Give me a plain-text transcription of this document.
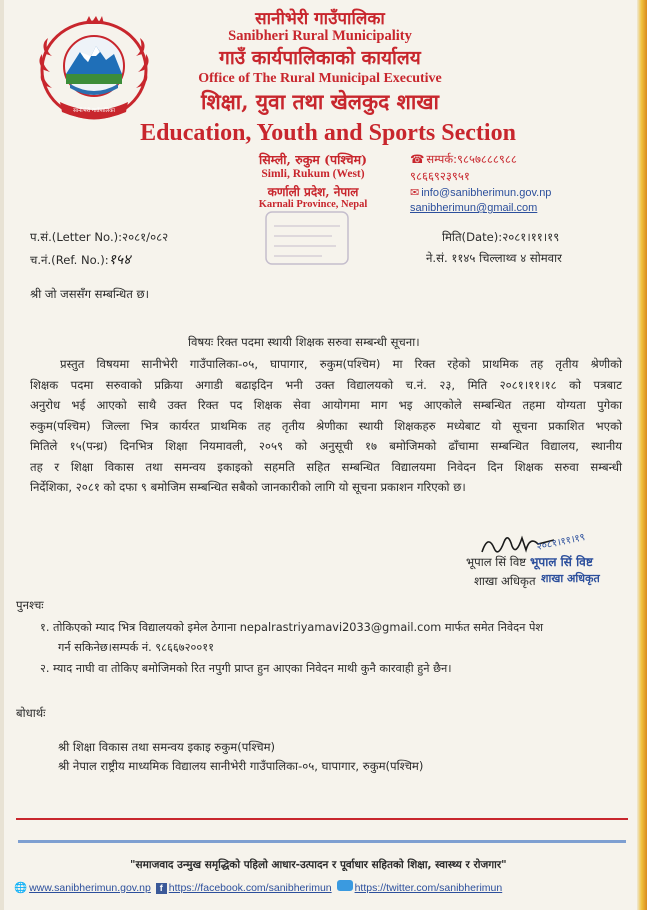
सानीभेरी गाउँपालिका
सानीभेरी गाउँपालिका
Sanibheri Rural Municipality
गाउँ कार्यपालिकाको कार्यालय
Office of The Rural Municipal Executive
शिक्षा, युवा तथा खेलकुद शाखा
Education, Youth and Sports Section
सिम्ली, रुकुम (पश्चिम)
Simli, Rukum (West)
कर्णाली प्रदेश, नेपाल
Karnali Province, Nepal
☎ सम्पर्क:९८५७८८८९८८
९८६६९२३९५१
✉ info@sanibherimun.gov.np
sanibherimun@gmail.com
प.सं.(Letter No.):२०८१/०८२
च.नं.(Ref. No.):१५४
मिति(Date):२०८१।११।१९
ने.सं. ११४५ चिल्लाथ्व ४ सोमवार
श्री जो जससँग सम्बन्धित छ।
विषयः रिक्त पदमा स्थायी शिक्षक सरुवा सम्बन्धी सूचना।
प्रस्तुत विषयमा सानीभेरी गाउँपालिका-०५, घापागार, रुकुम(पश्चिम) मा रिक्त रहेको प्राथमिक तह तृतीय श्रेणीको
शिक्षक पदमा सरुवाको प्रक्रिया अगाडी बढाइदिन भनी उक्त विद्यालयको च.नं. २३, मिति २०८१।११।१८ को पत्रबाट
अनुरोध भई आएको साथै उक्त रिक्त पद शिक्षक सेवा आयोगमा माग भइ आएकोले सम्बन्धित तहमा योग्यता पुगेका
रुकुम(पश्चिम) जिल्ला भित्र कार्यरत प्राथमिक तह तृतीय श्रेणीका स्थायी शिक्षकहरु मध्येबाट यो सूचना प्रकाशित भएको
मितिले १५(पन्ध्र) दिनभित्र शिक्षा नियमावली, २०५९ को अनुसूची १७ बमोजिमको ढाँचामा सम्बन्धित विद्यालय, स्थानीय
तह र शिक्षा विकास तथा समन्वय इकाइको सहमति सहित सम्बन्धित विद्यालयमा निवेदन दिन शिक्षक सरुवा सम्बन्धी
निर्देशिका, २०८१ को दफा ९ बमोजिम सम्बन्धित सबैको जानकारीको लागि यो सूचना प्रकाशन गरिएको छ।
२०८१।११।१९
भूपाल सिं विष्ट
शाखा अधिकृत
भूपाल सिं विष्ट
शाखा अधिकृत
पुनश्चः
१. तोकिएको म्याद भित्र विद्यालयको इमेल ठेगाना nepalrastriyamavi2033@gmail.com मार्फत समेत निवेदन पेश
गर्न सकिनेछ।सम्पर्क नं. ९८६६७२००११
२. म्याद नाघी वा तोकिए बमोजिमको रित नपुगी प्राप्त हुन आएका निवेदन माथी कुनै कारवाही हुने छैन।
बोधार्थः
श्री शिक्षा विकास तथा समन्वय इकाइ रुकुम(पश्चिम)
श्री नेपाल राष्ट्रीय माध्यमिक विद्यालय सानीभेरी गाउँपालिका-०५, घापागार, रुकुम(पश्चिम)
"समाजवाद उन्मुख समृद्धिको पहिलो आधार-उत्पादन र पूर्वाधार सहितको शिक्षा, स्वास्थ्य र रोजगार"
🌐 www.sanibherimun.gov.np f https://facebook.com/sanibherimun https://twitter.com/sanibherimun
